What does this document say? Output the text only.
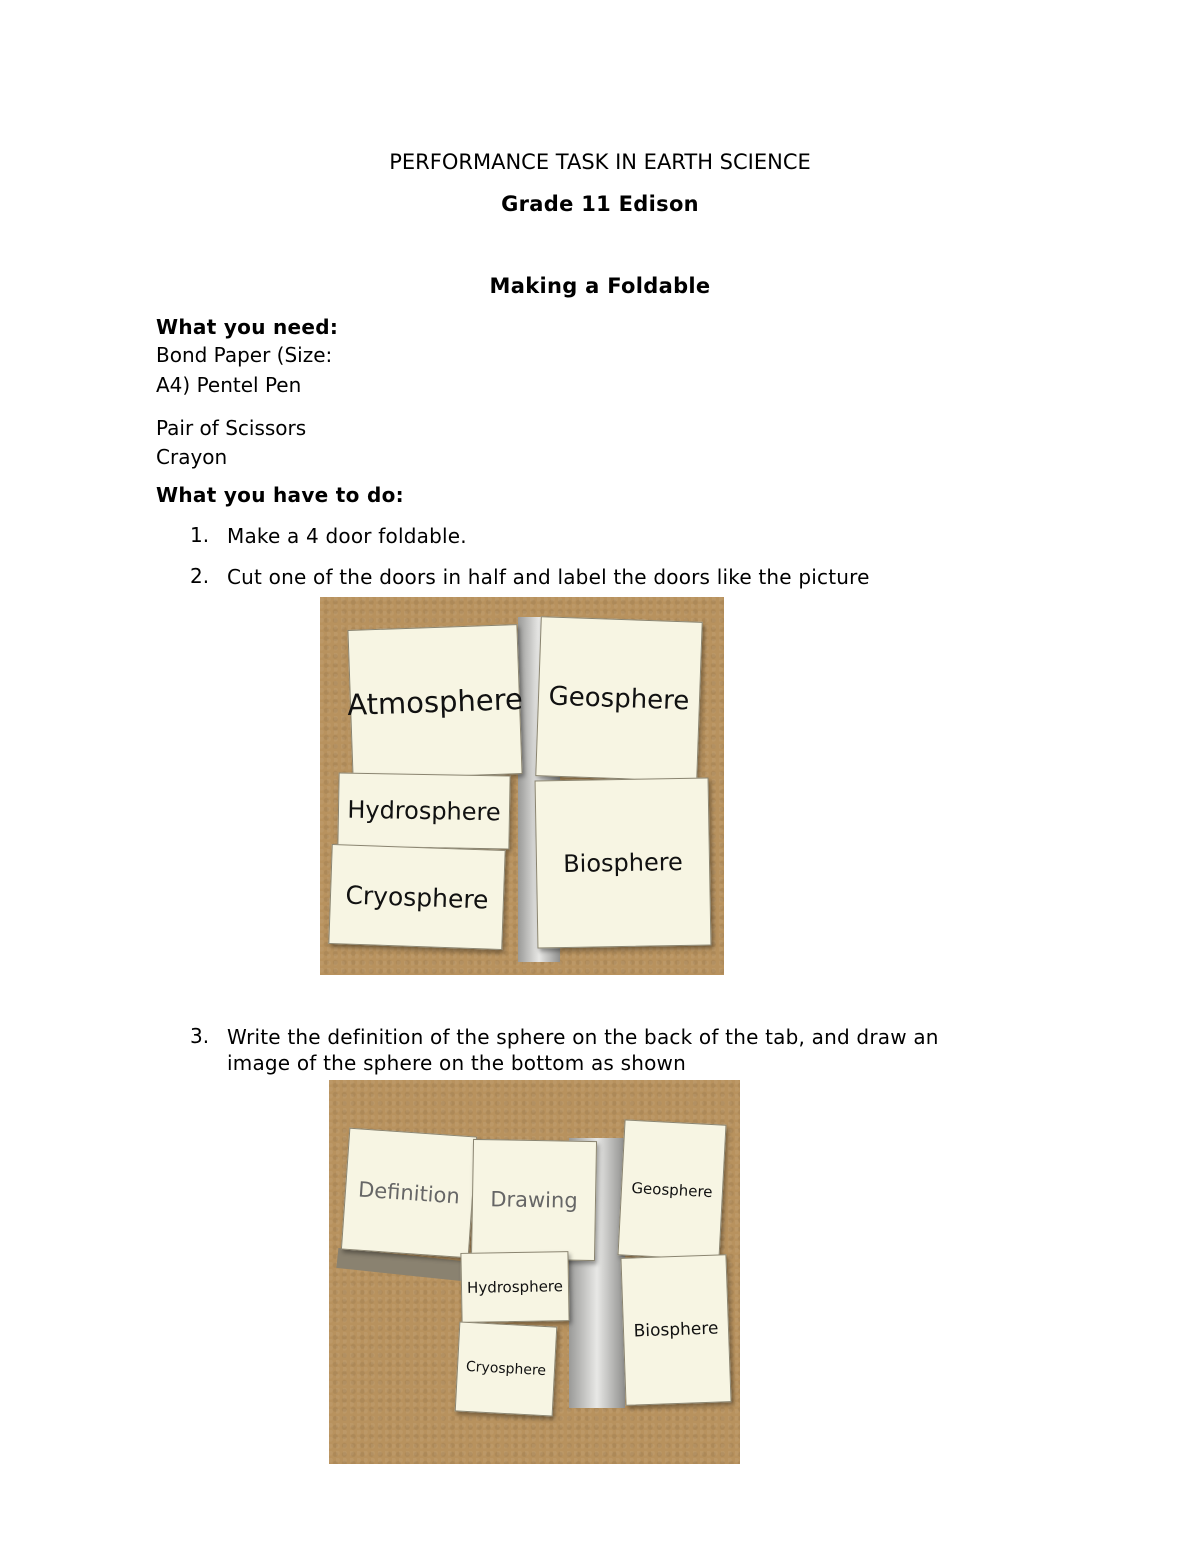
PERFORMANCE TASK IN EARTH SCIENCE

Grade 11 Edison

Making a Foldable

What you need:

Bond Paper (Size:

A4) Pentel Pen

Pair of Scissors

Crayon

What you have to do:

1. Make a 4 door foldable.

2. Cut one of the doors in half and label the doors like the picture

Atmosphere Geosphere
Hydrosphere
Cryosphere
Biosphere

3. Write the definition of the sphere on the back of the tab, and draw an

image of the sphere on the bottom as shown

Definition Drawing	Geosphere
Hydrosphere
Cryosphere
Biosphere
